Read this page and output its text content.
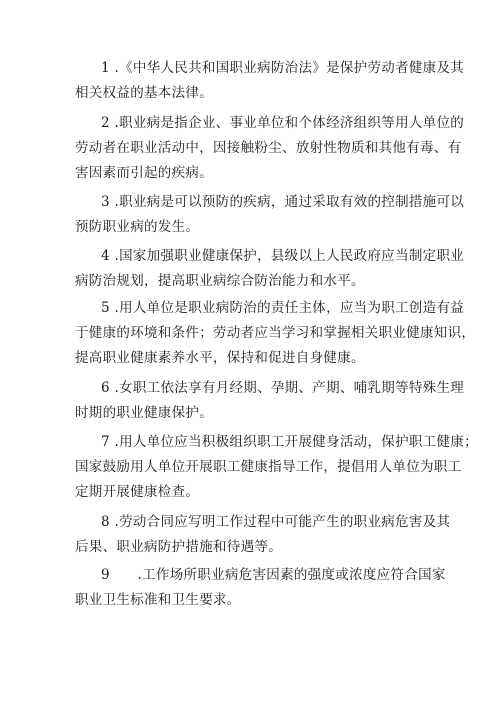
1 .《中华人民共和国职业病防治法》是保护劳动者健康及其
相关权益的基本法律。
2 .职业病是指企业、事业单位和个体经济组织等用人单位的
劳动者在职业活动中，因接触粉尘、放射性物质和其他有毒、有
害因素而引起的疾病。
3 .职业病是可以预防的疾病，通过采取有效的控制措施可以
预防职业病的发生。
4 .国家加强职业健康保护，县级以上人民政府应当制定职业
病防治规划，提高职业病综合防治能力和水平。
5 .用人单位是职业病防治的责任主体，应当为职工创造有益
于健康的环境和条件；劳动者应当学习和掌握相关职业健康知识，
提高职业健康素养水平，保持和促进自身健康。
6 .女职工依法享有月经期、孕期、产期、哺乳期等特殊生理
时期的职业健康保护。
7 .用人单位应当积极组织职工开展健身活动，保护职工健康；
国家鼓励用人单位开展职工健康指导工作，提倡用人单位为职工
定期开展健康检查。
8 .劳动合同应写明工作过程中可能产生的职业病危害及其
后果、职业病防护措施和待遇等。
9　　.工作场所职业病危害因素的强度或浓度应符合国家
职业卫生标准和卫生要求。
